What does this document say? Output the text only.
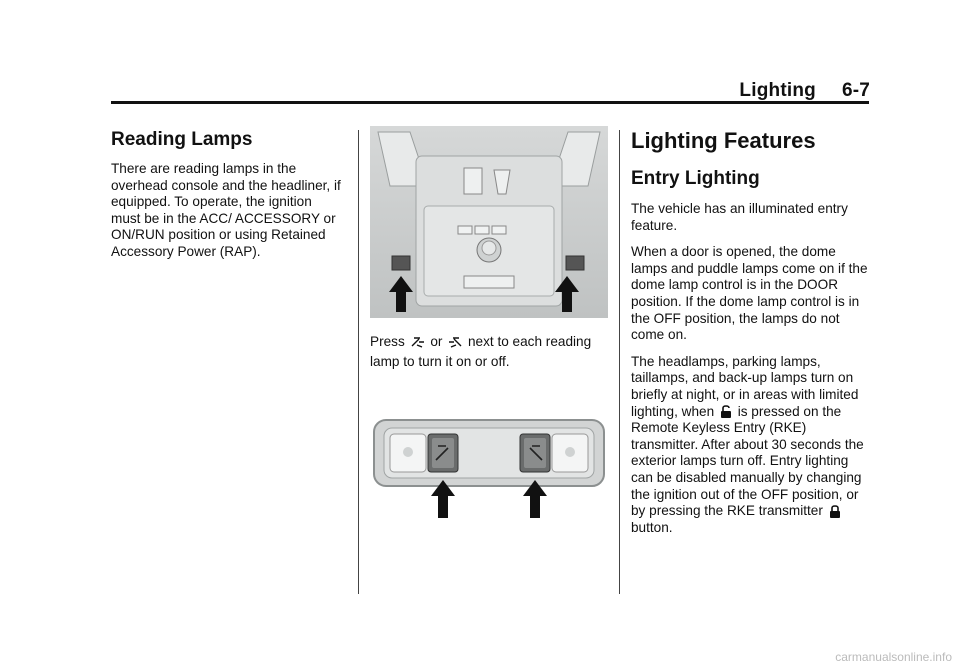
Lighting 6-7
Reading Lamps

There are reading lamps in the overhead console and the headliner, if equipped. To operate, the ignition must be in the ACC/ ACCESSORY or ON/RUN position or using Retained Accessory Power (RAP).

Press or next to each reading lamp to turn it on or off.

Lighting Features
Entry Lighting

The vehicle has an illuminated entry feature.

When a door is opened, the dome lamps and puddle lamps come on if the dome lamp control is in the DOOR position. If the dome lamp control is in the OFF position, the lamps do not come on.

The headlamps, parking lamps, taillamps, and back-up lamps turn on briefly at night, or in areas with limited lighting, when is pressed on the Remote Keyless Entry (RKE) transmitter. After about 30 seconds the exterior lamps turn off. Entry lighting can be disabled manually by changing the ignition out of the OFF position, or by pressing the RKE transmitter  button.

carmanualsonline.info
